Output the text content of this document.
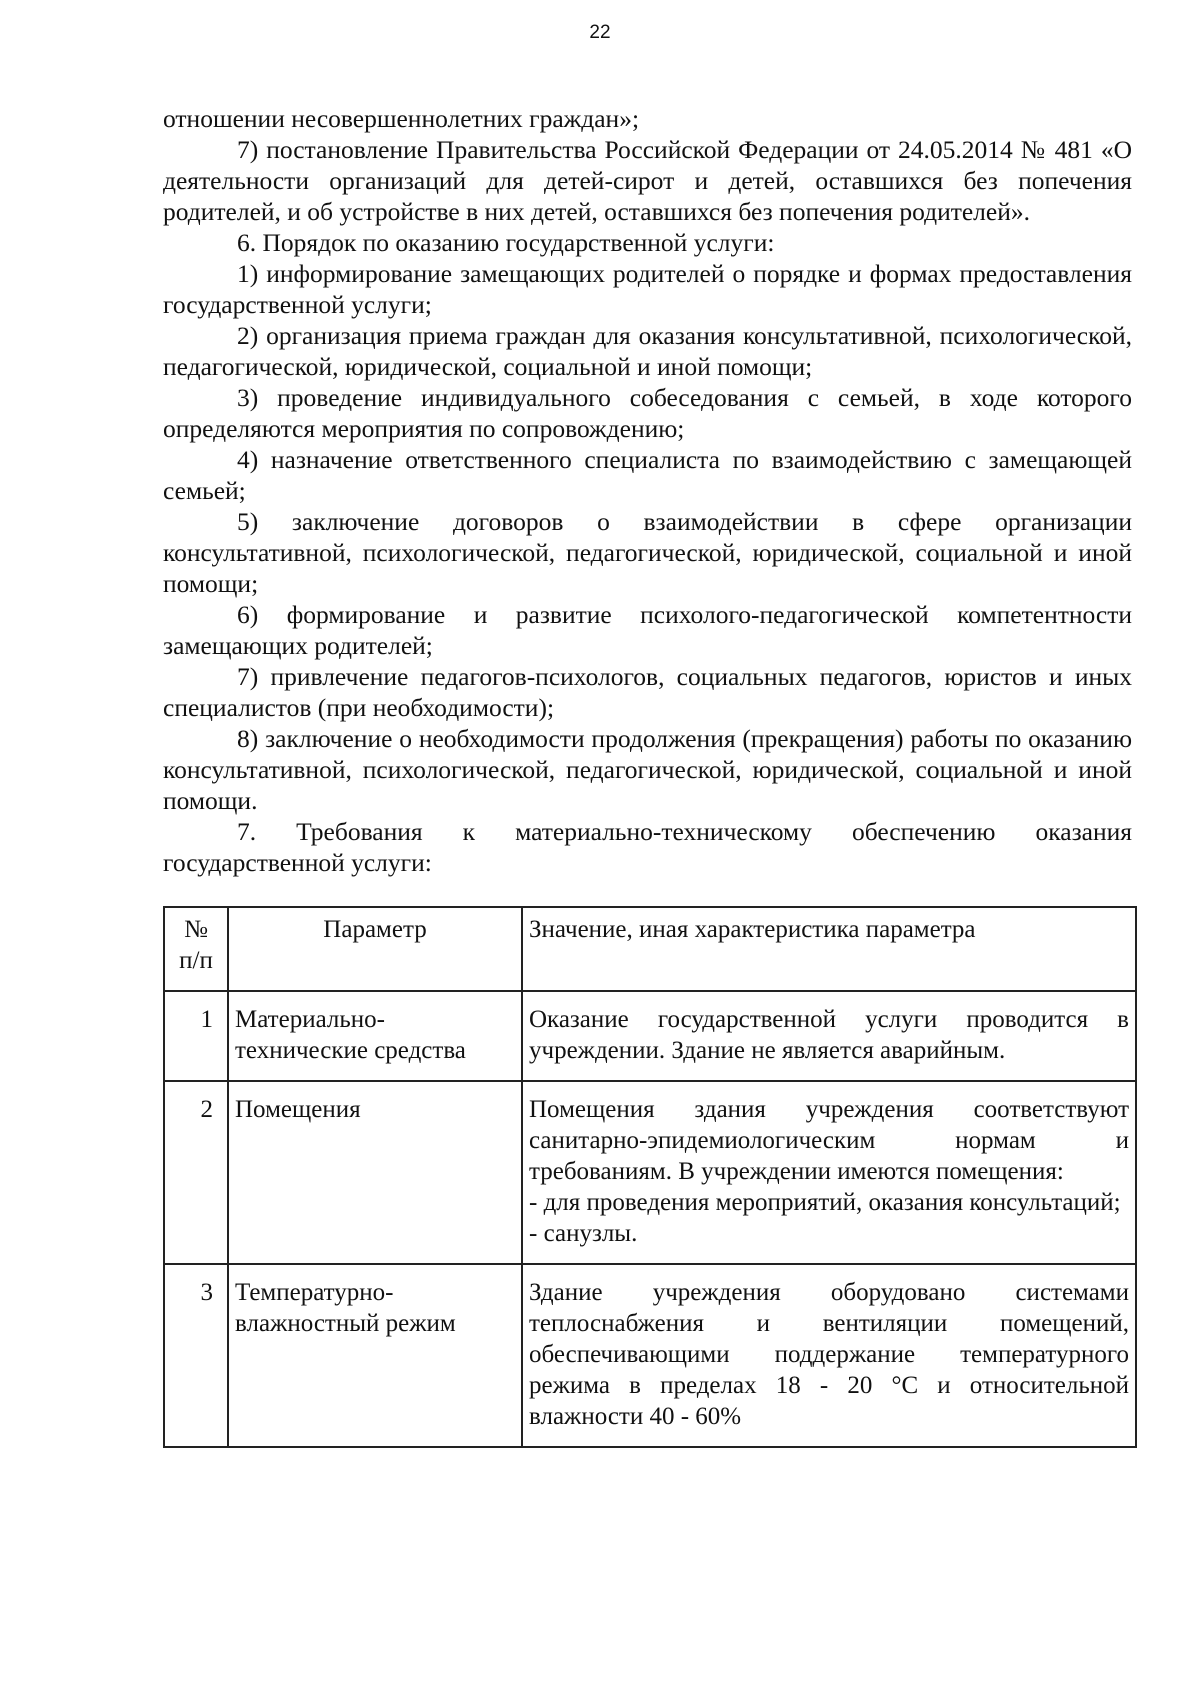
22

отношении несовершеннолетних граждан»;

7) постановление Правительства Российской Федерации от 24.05.2014 № 481 «О деятельности организаций для детей-сирот и детей, оставшихся без попечения родителей, и об устройстве в них детей, оставшихся без попечения родителей».

6. Порядок по оказанию государственной услуги:

1) информирование замещающих родителей о порядке и формах предоставления государственной услуги;

2) организация приема граждан для оказания консультативной, психологической, педагогической, юридической, социальной и иной помощи;

3) проведение индивидуального собеседования с семьей, в ходе которого определяются мероприятия по сопровождению;

4) назначение ответственного специалиста по взаимодействию с замещающей семьей;

5) заключение договоров о взаимодействии в сфере организации консультативной, психологической, педагогической, юридической, социальной и иной помощи;

6) формирование и развитие психолого-педагогической компетентности замещающих родителей;

7) привлечение педагогов-психологов, социальных педагогов, юристов и иных специалистов (при необходимости);

8) заключение о необходимости продолжения (прекращения) работы по оказанию консультативной, психологической, педагогической, юридической, социальной и иной помощи.

7. Требования к материально-техническому обеспечению оказания государственной услуги:

№ п/п	Параметр	Значение, иная характеристика параметра
1	Материально-технические средства	Оказание государственной услуги проводится в учреждении. Здание не является аварийным.

2	Помещения	Помещения здания учреждения соответствуют санитарно-эпидемиологическим нормам и требованиям. В учреждении имеются помещения:
- для проведения мероприятий, оказания консультаций;
- санузлы.

3	Температурно-влажностный режим	Здание учреждения оборудовано системами теплоснабжения и вентиляции помещений, обеспечивающими поддержание температурного режима в пределах 18 - 20 °C и относительной влажности 40 - 60%
